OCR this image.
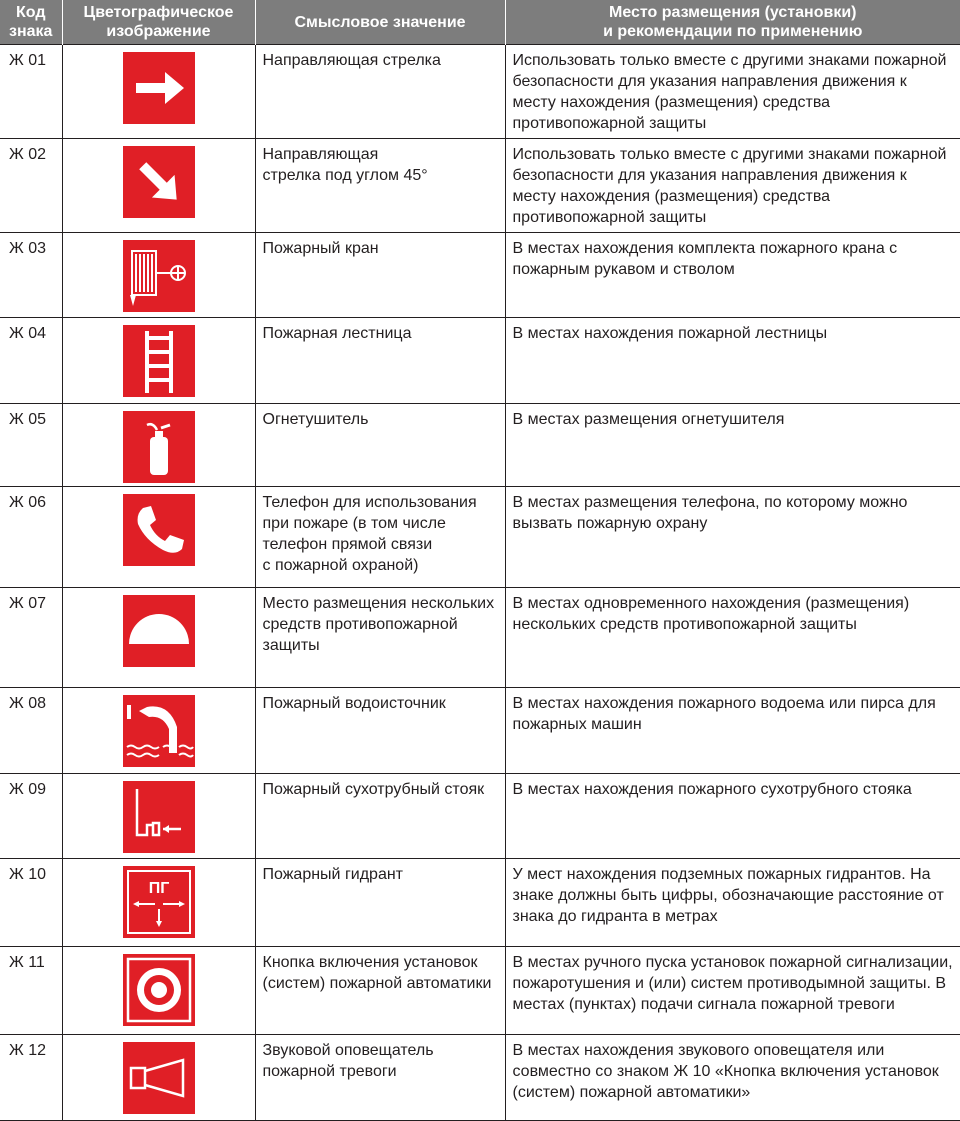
Код
знака	Цветографическое
изображение	Смысловое значение	Место размещения (установки)
и рекомендации по применению
Ж 01		Направляющая стрелка	Использовать только вместе с другими знаками пожарной безопасности для указания направления движения к месту нахождения (размещения) средства противопожарной защиты
Ж 02		Направляющая
стрелка под углом 45°	Использовать только вместе с другими знаками пожарной безопасности для указания направления движения к месту нахождения (размещения) средства противопожарной защиты
Ж 03		Пожарный кран	В местах нахождения комплекта пожарного крана с пожарным рукавом и стволом
Ж 04		Пожарная лестница	В местах нахождения пожарной лестницы
Ж 05		Огнетушитель	В местах размещения огнетушителя
Ж 06		Телефон для использования при пожаре (в том числе телефон прямой связи
с пожарной охраной)	В местах размещения телефона, по которому можно вызвать пожарную охрану
Ж 07		Место размещения нескольких средств противопожарной защиты	В местах одновременного нахождения (размещения) нескольких средств противопожарной защиты
Ж 08		Пожарный водоисточник	В местах нахождения пожарного водоема или пирса для пожарных машин
Ж 09		Пожарный сухотрубный стояк	В местах нахождения пожарного сухотрубного стояка
Ж 10	ПГ	Пожарный гидрант	У мест нахождения подземных пожарных гидрантов. На знаке должны быть цифры, обозначающие расстояние от знака до гидранта в метрах
Ж 11		Кнопка включения установок (систем) пожарной автоматики	В местах ручного пуска установок пожарной сигнализации, пожаротушения и (или) систем противодымной защиты. В местах (пунктах) подачи сигнала пожарной тревоги
Ж 12		Звуковой оповещатель пожарной тревоги	В местах нахождения звукового оповещателя или совместно со знаком Ж 10 «Кнопка включения установок (систем) пожарной автоматики»
